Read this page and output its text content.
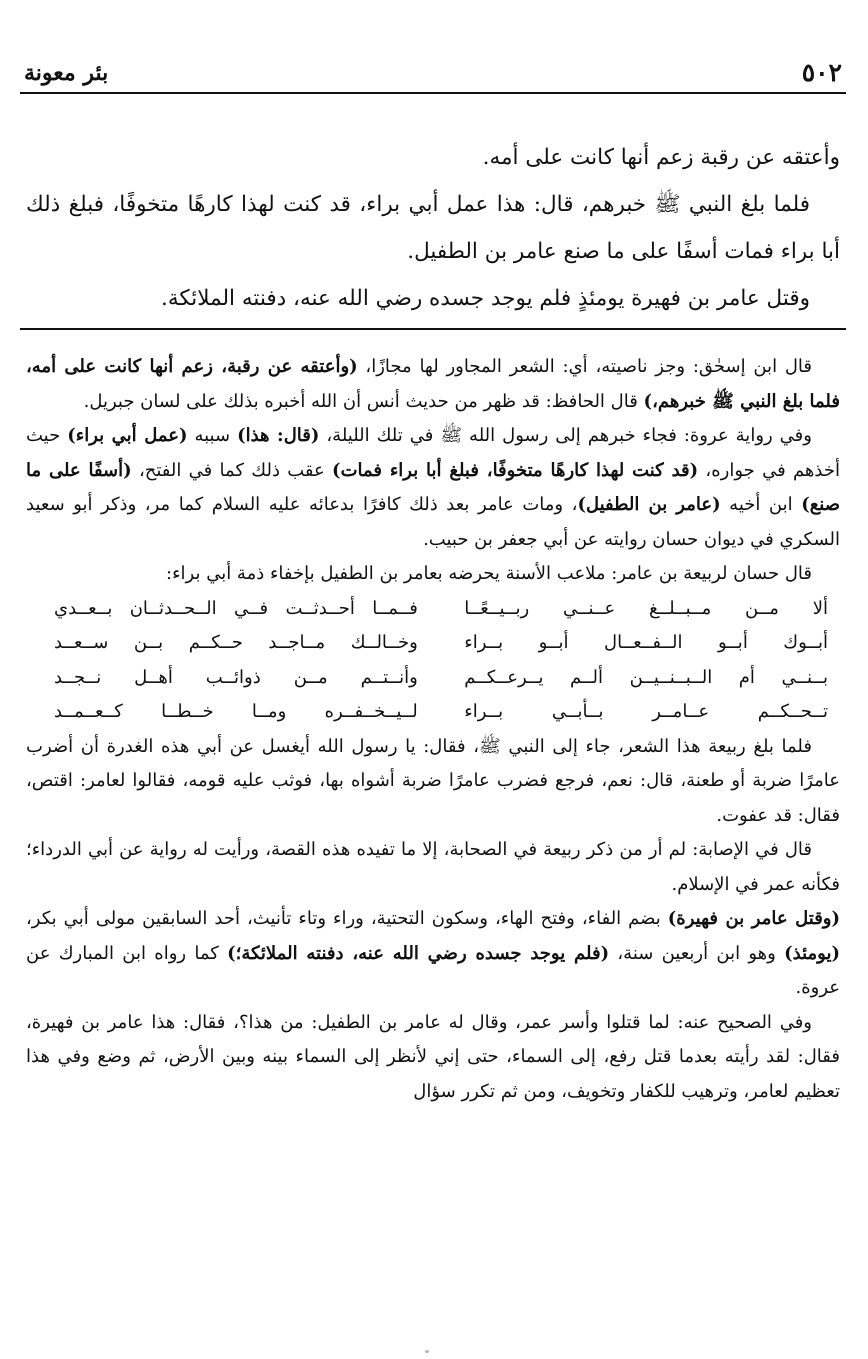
٥٠٢
بئر معونة

وأعتقه عن رقبة زعم أنها كانت على أمه.

فلما بلغ النبي ﷺ خبرهم، قال: هذا عمل أبي براء، قد كنت لهذا كارهًا متخوفًا، فبلغ ذلك أبا براء فمات أسفًا على ما صنع عامر بن الطفيل.

وقتل عامر بن فهيرة يومئذٍ فلم يوجد جسده رضي الله عنه، دفنته الملائكة.

قال ابن إسحٰق: وجز ناصيته، أي: الشعر المجاور لها مجازًا، (وأعتقه عن رقبة، زعم أنها كانت على أمه، فلما بلغ النبي ﷺ خبرهم،) قال الحافظ: قد ظهر من حديث أنس أن الله أخبره بذلك على لسان جبريل.

وفي رواية عروة: فجاء خبرهم إلى رسول الله ﷺ في تلك الليلة، (قال: هذا) سببه (عمل أبي براء) حيث أخذهم في جواره، (قد كنت لهذا كارهًا متخوفًا، فبلغ أبا براء فمات) عقب ذلك كما في الفتح، (أسفًا على ما صنع) ابن أخيه (عامر بن الطفيل)، ومات عامر بعد ذلك كافرًا بدعائه عليه السلام كما مر، وذكر أبو سعيد السكري في ديوان حسان روايته عن أبي جعفر بن حبيب.

قال حسان لربيعة بن عامر: ملاعب الأسنة يحرضه بعامر بن الطفيل بإخفاء ذمة أبي براء:

ألا مــن مــبــلــغ عــنــي ربــيــعًــا
فــمــا أحــدثــت فــي الــحــدثــان بــعــدي
أبــوك أبــو الــفــعــال أبــو بــراء
وخــالــك مــاجــد حــكــم بــن ســعــد
بــنــي أم الــبــنــيــن ألــم يــرعــكــم
وأنــتــم مــن ذوائــب أهــل نــجــد
تــحــكــم عــامــر بــأبــي بــراء
لــيــخــفــره ومــا خــطــا كــعــمــد

فلما بلغ ربيعة هذا الشعر، جاء إلى النبي ﷺ، فقال: يا رسول الله أيغسل عن أبي هذه الغدرة أن أضرب عامرًا ضربة أو طعنة، قال: نعم، فرجع فضرب عامرًا ضربة أشواه بها، فوثب عليه قومه، فقالوا لعامر: اقتص، فقال: قد عفوت.

قال في الإصابة: لم أر من ذكر ربيعة في الصحابة، إلا ما تفيده هذه القصة، ورأيت له رواية عن أبي الدرداء؛ فكأنه عمر في الإسلام.

(وقتل عامر بن فهيرة) بضم الفاء، وفتح الهاء، وسكون التحتية، وراء وتاء تأنيث، أحد السابقين مولى أبي بكر، (يومئذ) وهو ابن أربعين سنة، (فلم يوجد جسده رضي الله عنه، دفنته الملائكة؛) كما رواه ابن المبارك عن عروة.

وفي الصحيح عنه: لما قتلوا وأسر عمر، وقال له عامر بن الطفيل: من هذا؟، فقال: هذا عامر بن فهيرة، فقال: لقد رأيته بعدما قتل رفع، إلى السماء، حتى إني لأنظر إلى السماء بينه وبين الأرض، ثم وضع وفي هذا تعظيم لعامر، وترهيب للكفار وتخويف، ومن ثم تكرر سؤال
